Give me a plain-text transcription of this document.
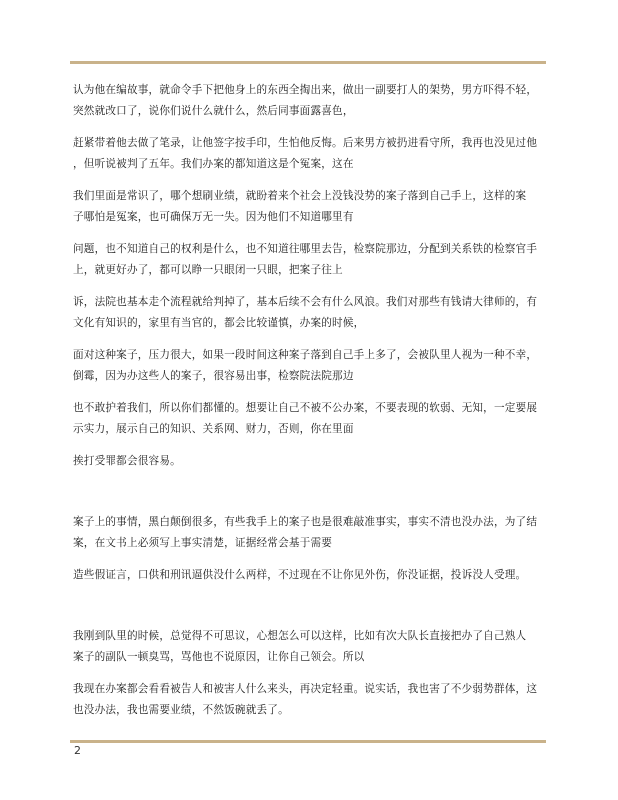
认为他在编故事，就命令手下把他身上的东西全掏出来，做出一副要打人的架势，男方吓得不轻，
突然就改口了，说你们说什么就什么，然后同事面露喜色，

赶紧带着他去做了笔录，让他签字按手印，生怕他反悔。后来男方被扔进看守所，我再也没见过他
，但听说被判了五年。我们办案的都知道这是个冤案，这在

我们里面是常识了，哪个想刷业绩，就盼着来个社会上没钱没势的案子落到自己手上，这样的案
子哪怕是冤案，也可确保万无一失。因为他们不知道哪里有

问题，也不知道自己的权利是什么，也不知道往哪里去告，检察院那边，分配到关系铁的检察官手
上，就更好办了，都可以睁一只眼闭一只眼，把案子往上

诉，法院也基本走个流程就给判掉了，基本后续不会有什么风浪。我们对那些有钱请大律师的，有
文化有知识的，家里有当官的，都会比较谨慎，办案的时候，

面对这种案子，压力很大，如果一段时间这种案子落到自己手上多了，会被队里人视为一种不幸，
倒霉，因为办这些人的案子，很容易出事，检察院法院那边

也不敢护着我们，所以你们都懂的。想要让自己不被不公办案，不要表现的软弱、无知，一定要展
示实力，展示自己的知识、关系网、财力，否则，你在里面

挨打受罪都会很容易。

案子上的事情，黑白颠倒很多，有些我手上的案子也是很难敲准事实，事实不清也没办法，为了结
案，在文书上必须写上事实清楚，证据经常会基于需要

造些假证言，口供和刑讯逼供没什么两样，不过现在不让你见外伤，你没证据，投诉没人受理。

我刚到队里的时候，总觉得不可思议，心想怎么可以这样，比如有次大队长直接把办了自己熟人
案子的副队一顿臭骂，骂他也不说原因，让你自己领会。所以

我现在办案都会看看被告人和被害人什么来头，再决定轻重。说实话，我也害了不少弱势群体，这
也没办法，我也需要业绩，不然饭碗就丢了。

2
